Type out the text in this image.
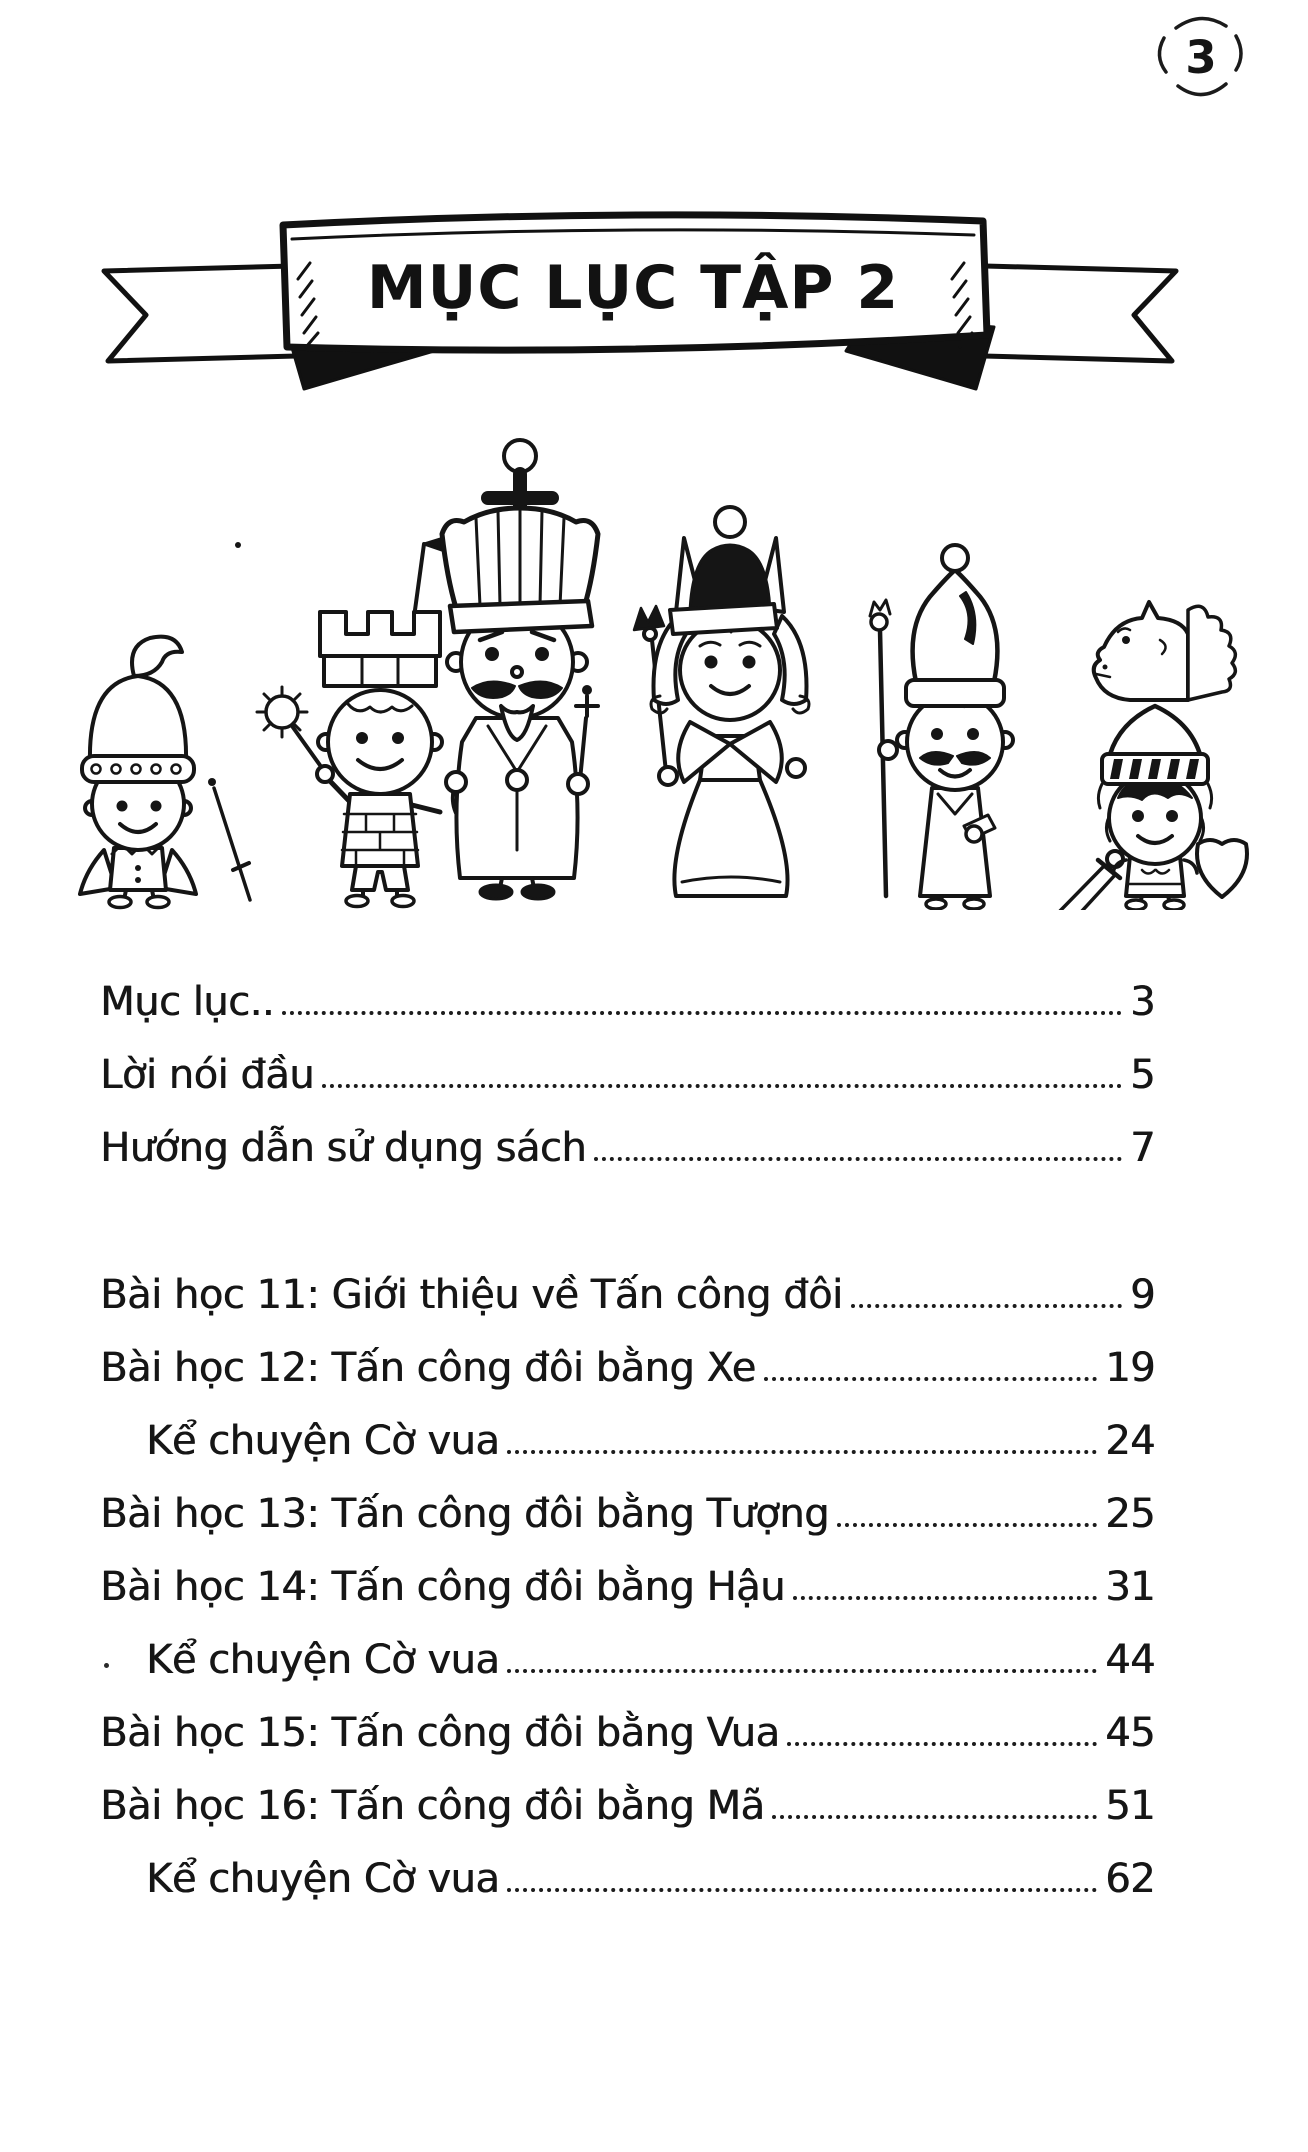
3
MỤC LỤC TẬP 2
Mục lục..	3
Lời nói đầu	5
Hướng dẫn sử dụng sách	7
Bài học 11: Giới thiệu về Tấn công đôi	9
Bài học 12: Tấn công đôi bằng Xe	19
Kể chuyện Cờ vua	24
Bài học 13: Tấn công đôi bằng Tượng	25
Bài học 14: Tấn công đôi bằng Hậu	31
Kể chuyện Cờ vua	44
Bài học 15: Tấn công đôi bằng Vua	45
Bài học 16: Tấn công đôi bằng Mã	51
Kể chuyện Cờ vua	62
